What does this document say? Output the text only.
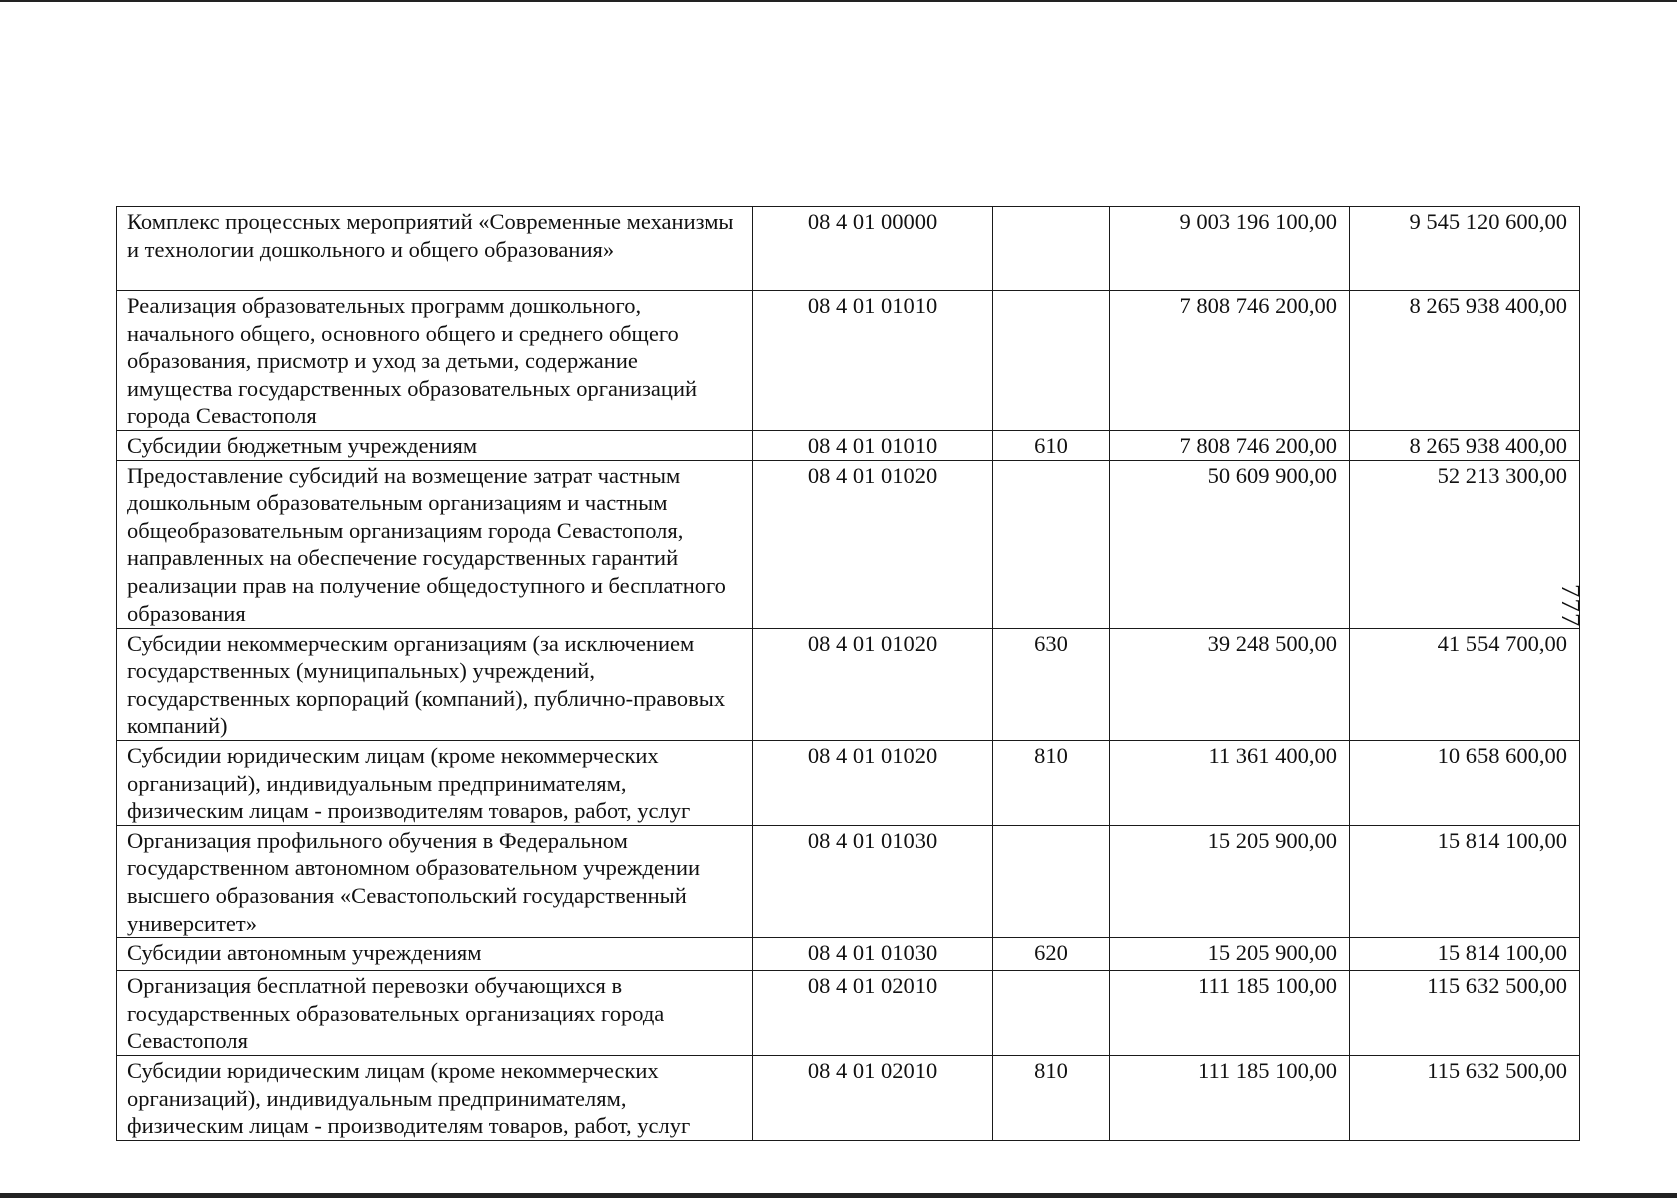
Комплекс процессных мероприятий «Современные механизмы и технологии дошкольного и общего образования»	08 4 01 00000		9 003 196 100,00	9 545 120 600,00
Реализация образовательных программ дошкольного, начального общего, основного общего и среднего общего образования, присмотр и уход за детьми, содержание имущества государственных образовательных организаций города Севастополя	08 4 01 01010		7 808 746 200,00	8 265 938 400,00
Субсидии бюджетным учреждениям	08 4 01 01010	610	7 808 746 200,00	8 265 938 400,00
Предоставление субсидий на возмещение затрат частным дошкольным образовательным организациям и частным общеобразовательным организациям города Севастополя, направленных на обеспечение государственных гарантий реализации прав на получение общедоступного и бесплатного образования	08 4 01 01020		50 609 900,00	52 213 300,00
Субсидии некоммерческим организациям (за исключением государственных (муниципальных) учреждений, государственных корпораций (компаний), публично-правовых компаний)	08 4 01 01020	630	39 248 500,00	41 554 700,00
Субсидии юридическим лицам (кроме некоммерческих организаций), индивидуальным предпринимателям, физическим лицам - производителям товаров, работ, услуг	08 4 01 01020	810	11 361 400,00	10 658 600,00
Организация профильного обучения в Федеральном государственном автономном образовательном учреждении высшего образования «Севастопольский государственный университет»	08 4 01 01030		15 205 900,00	15 814 100,00
Субсидии автономным учреждениям	08 4 01 01030	620	15 205 900,00	15 814 100,00
Организация бесплатной перевозки обучающихся в государственных образовательных организациях города Севастополя	08 4 01 02010		111 185 100,00	115 632 500,00
Субсидии юридическим лицам (кроме некоммерческих организаций), индивидуальным предпринимателям, физическим лицам - производителям товаров, работ, услуг	08 4 01 02010	810	111 185 100,00	115 632 500,00
777
